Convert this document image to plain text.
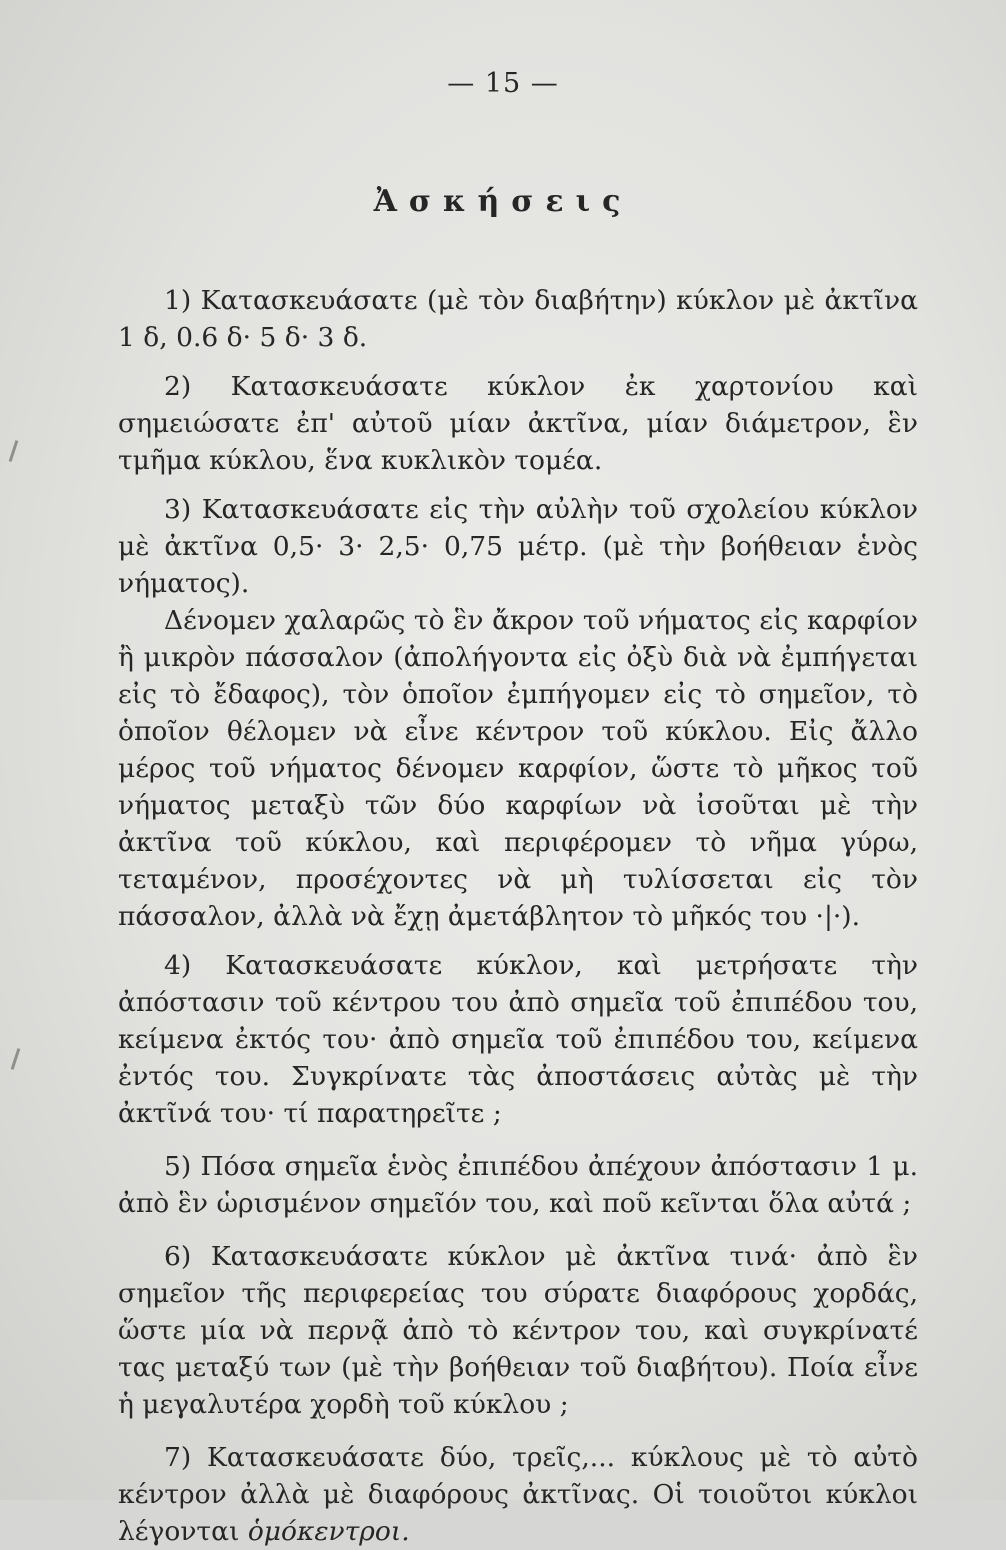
— 15 —
Ἀσκήσεις

1) Κατασκευάσατε (μὲ τὸν διαβήτην) κύκλον μὲ ἀκτῖνα 1 δ, 0.6 δ· 5 δ· 3 δ.

2) Κατασκευάσατε κύκλον ἐκ χαρτονίου καὶ σημειώσατε ἐπ' αὐτοῦ μίαν ἀκτῖνα, μίαν διάμετρον, ἓν τμῆμα κύκλου, ἕνα κυκλικὸν τομέα.

3) Κατασκευάσατε εἰς τὴν αὐλὴν τοῦ σχολείου κύκλον μὲ ἀκτῖνα 0,5· 3· 2,5· 0,75 μέτρ. (μὲ τὴν βοήθειαν ἑνὸς νήματος).

Δένομεν χαλαρῶς τὸ ἓν ἄκρον τοῦ νήματος εἰς καρφίον ἢ μικρὸν πάσσαλον (ἀπολήγοντα εἰς ὀξὺ διὰ νὰ ἐμπήγεται εἰς τὸ ἔδαφος), τὸν ὁποῖον ἐμπήγομεν εἰς τὸ σημεῖον, τὸ ὁποῖον θέλομεν νὰ εἶνε κέντρον τοῦ κύκλου. Εἰς ἄλλο μέρος τοῦ νήματος δένομεν καρφίον, ὥστε τὸ μῆκος τοῦ νήματος μεταξὺ τῶν δύο καρφίων νὰ ἰσοῦται μὲ τὴν ἀκτῖνα τοῦ κύκλου, καὶ περιφέρομεν τὸ νῆμα γύρω, τεταμένον, προσέχοντες νὰ μὴ τυλίσσεται εἰς τὸν πάσσαλον, ἀλλὰ νὰ ἔχῃ ἀμετάβλητον τὸ μῆκός του ·|·).

4) Κατασκευάσατε κύκλον, καὶ μετρήσατε τὴν ἀπόστασιν τοῦ κέντρου του ἀπὸ σημεῖα τοῦ ἐπιπέδου του, κείμενα ἐκτός του· ἀπὸ σημεῖα τοῦ ἐπιπέδου του, κείμενα ἐντός του. Συγκρίνατε τὰς ἀποστάσεις αὐτὰς μὲ τὴν ἀκτῖνά του· τί παρατηρεῖτε ;

5) Πόσα σημεῖα ἑνὸς ἐπιπέδου ἀπέχουν ἀπόστασιν 1 μ. ἀπὸ ἓν ὡρισμένον σημεῖόν του, καὶ ποῦ κεῖνται ὅλα αὐτά ;

6) Κατασκευάσατε κύκλον μὲ ἀκτῖνα τινά· ἀπὸ ἓν σημεῖον τῆς περιφερείας του σύρατε διαφόρους χορδάς, ὥστε μία νὰ περνᾷ ἀπὸ τὸ κέντρον του, καὶ συγκρίνατέ τας μεταξύ των (μὲ τὴν βοήθειαν τοῦ διαβήτου). Ποία εἶνε ἡ μεγαλυτέρα χορδὴ τοῦ κύκλου ;

7) Κατασκευάσατε δύο, τρεῖς,... κύκλους μὲ τὸ αὐτὸ κέντρον ἀλλὰ μὲ διαφόρους ἀκτῖνας. Οἱ τοιοῦτοι κύκλοι λέγονται ὁμόκεντροι.
